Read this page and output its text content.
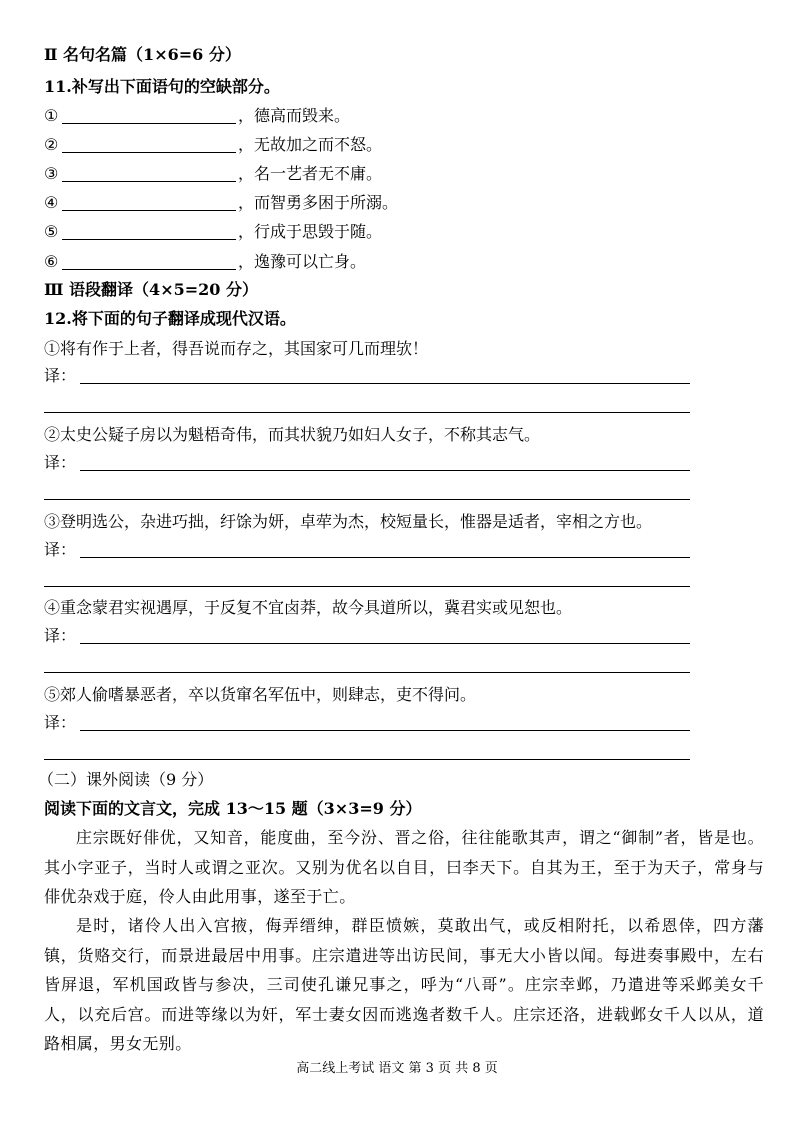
Ⅱ 名句名篇（1×6=6 分）
11.补写出下面语句的空缺部分。
①	，德高而毁来。
②	，无故加之而不怒。
③	，名一艺者无不庸。
④	，而智勇多困于所溺。
⑤	，行成于思毁于随。
⑥	，逸豫可以亡身。
Ⅲ 语段翻译（4×5=20 分）
12.将下面的句子翻译成现代汉语。
①将有作于上者，得吾说而存之，其国家可几而理欤！
译：
②太史公疑子房以为魁梧奇伟，而其状貌乃如妇人女子，不称其志气。
译：
③登明选公，杂进巧拙，纡馀为妍，卓荦为杰，校短量长，惟器是适者，宰相之方也。
译：
④重念蒙君实视遇厚，于反复不宜卤莽，故今具道所以，冀君实或见恕也。
译：
⑤郊人偷嗜暴恶者，卒以货窜名军伍中，则肆志，吏不得问。
译：
（二）课外阅读（9 分）
阅读下面的文言文，完成 13～15 题（3×3=9 分）
庄宗既好俳优，又知音，能度曲，至今汾、晋之俗，往往能歌其声，谓之“御制”者，皆是也。其小字亚子，当时人或谓之亚次。又别为优名以自目，曰李天下。自其为王，至于为天子，常身与俳优杂戏于庭，伶人由此用事，遂至于亡。
是时，诸伶人出入宫掖，侮弄缙绅，群臣愤嫉，莫敢出气，或反相附托，以希恩倖，四方藩镇，货赂交行，而景进最居中用事。庄宗遣进等出访民间，事无大小皆以闻。每进奏事殿中，左右皆屏退，军机国政皆与参决，三司使孔谦兄事之，呼为“八哥”。庄宗幸邺，乃遣进等采邺美女千人，以充后宫。而进等缘以为奸，军士妻女因而逃逸者数千人。庄宗还洛，进载邺女千人以从，道路相属，男女无别。
高二线上考试 语文 第 3 页 共 8 页
